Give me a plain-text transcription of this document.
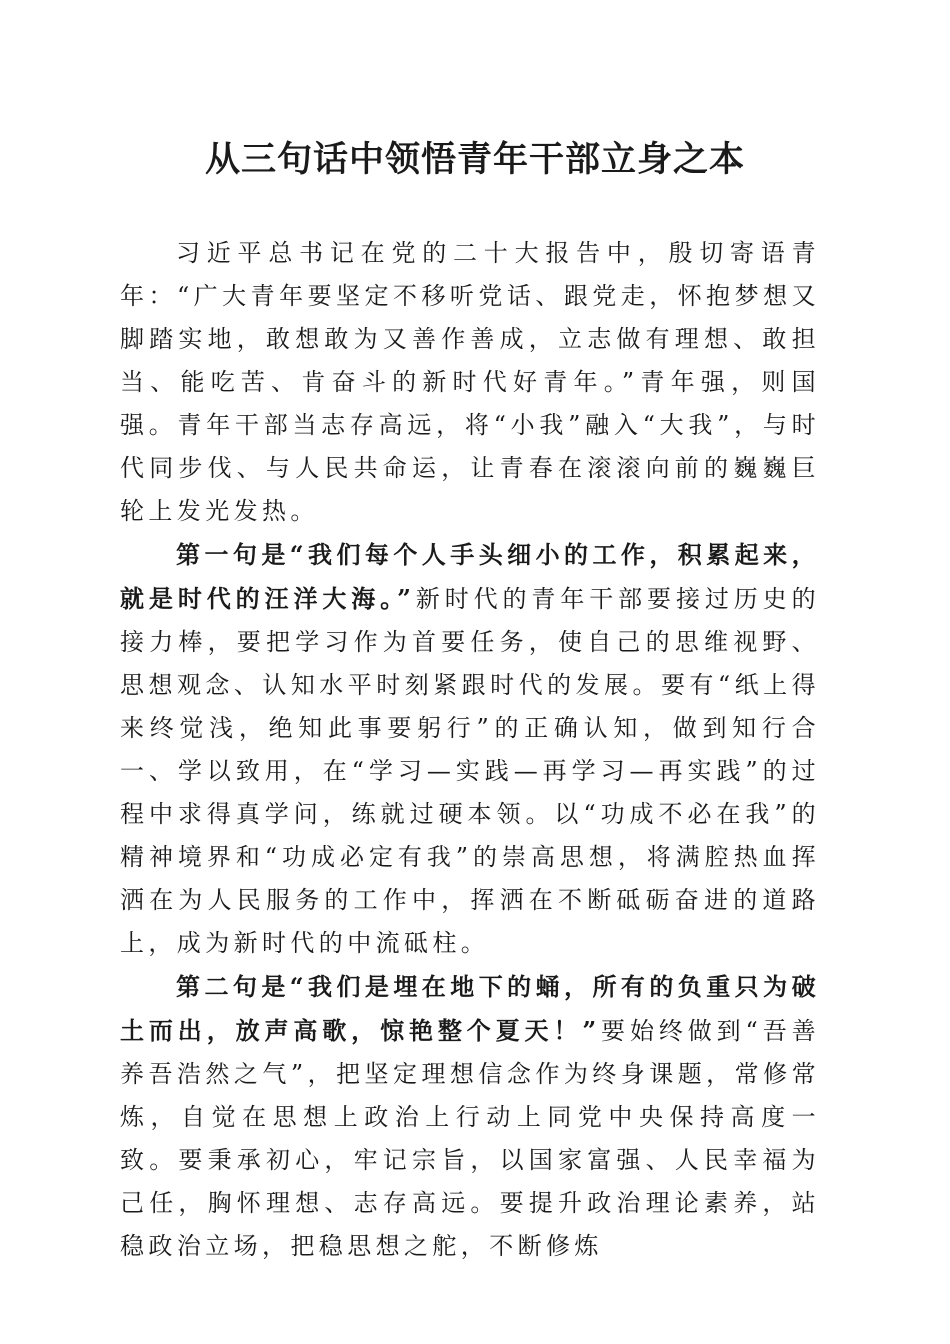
从三句话中领悟青年干部立身之本

习近平总书记在党的二十大报告中，殷切寄语青年：“广大青年要坚定不移听党话、跟党走，怀抱梦想又脚踏实地，敢想敢为又善作善成，立志做有理想、敢担当、能吃苦、肯奋斗的新时代好青年。”青年强，则国强。青年干部当志存高远，将“小我”融入“大我”，与时代同步伐、与人民共命运，让青春在滚滚向前的巍巍巨轮上发光发热。

第一句是“我们每个人手头细小的工作，积累起来，就是时代的汪洋大海。”新时代的青年干部要接过历史的接力棒，要把学习作为首要任务，使自己的思维视野、思想观念、认知水平时刻紧跟时代的发展。要有“纸上得来终觉浅，绝知此事要躬行”的正确认知，做到知行合一、学以致用，在“学习—实践—再学习—再实践”的过程中求得真学问，练就过硬本领。以“功成不必在我”的精神境界和“功成必定有我”的崇高思想，将满腔热血挥洒在为人民服务的工作中，挥洒在不断砥砺奋进的道路上，成为新时代的中流砥柱。

第二句是“我们是埋在地下的蛹，所有的负重只为破土而出，放声高歌，惊艳整个夏天！”要始终做到“吾善养吾浩然之气”，把坚定理想信念作为终身课题，常修常炼，自觉在思想上政治上行动上同党中央保持高度一致。要秉承初心，牢记宗旨，以国家富强、人民幸福为己任，胸怀理想、志存高远。要提升政治理论素养，站稳政治立场，把稳思想之舵，不断修炼
